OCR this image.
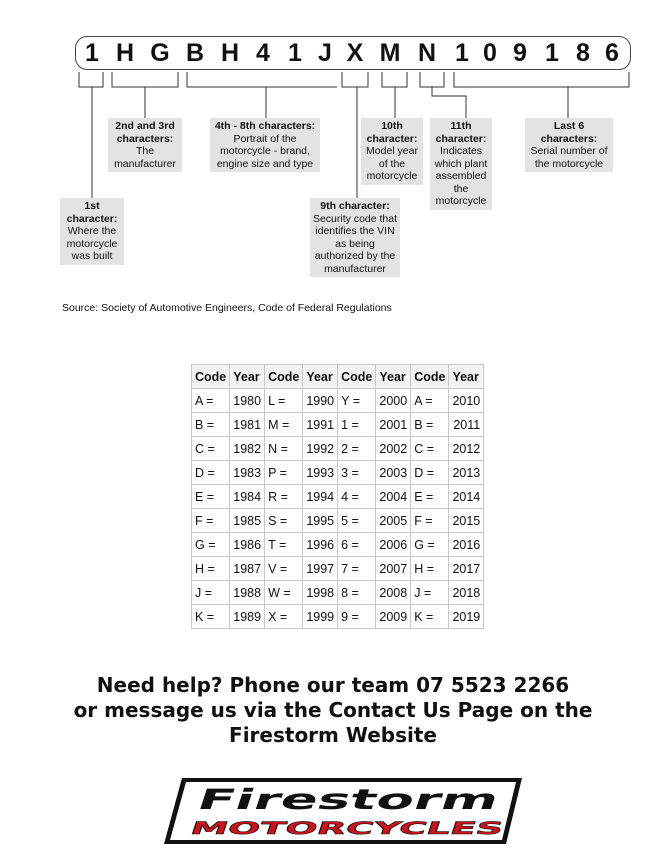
1 H G B H 4 1 J X M N 1 0 9 1 8 6
1st character:
Where the motorcycle was built
2nd and 3rd characters:
The manufacturer
4th - 8th characters:
Portrait of the motorcycle - brand, engine size and type
9th character:
Security code that identifies the VIN as being authorized by the manufacturer
10th character:
Model year of the motorcycle
11th character:
Indicates which plant assembled the motorcycle
Last 6 characters:
Serial number of the motorcycle
Source: Society of Automotive Engineers, Code of Federal Regulations
Code	Year	Code	Year	Code	Year	Code	Year
A =	1980	L =	1990	Y =	2000	A =	2010
B =	1981	M =	1991	1 =	2001	B =	2011
C =	1982	N =	1992	2 =	2002	C =	2012
D =	1983	P =	1993	3 =	2003	D =	2013
E =	1984	R =	1994	4 =	2004	E =	2014
F =	1985	S =	1995	5 =	2005	F =	2015
G =	1986	T =	1996	6 =	2006	G =	2016
H =	1987	V =	1997	7 =	2007	H =	2017
J =	1988	W =	1998	8 =	2008	J =	2018
K =	1989	X =	1999	9 =	2009	K =	2019
Need help? Phone our team 07 5523 2266
or message us via the Contact Us Page on the
Firestorm Website
Firestorm
MOTORCYCLES
